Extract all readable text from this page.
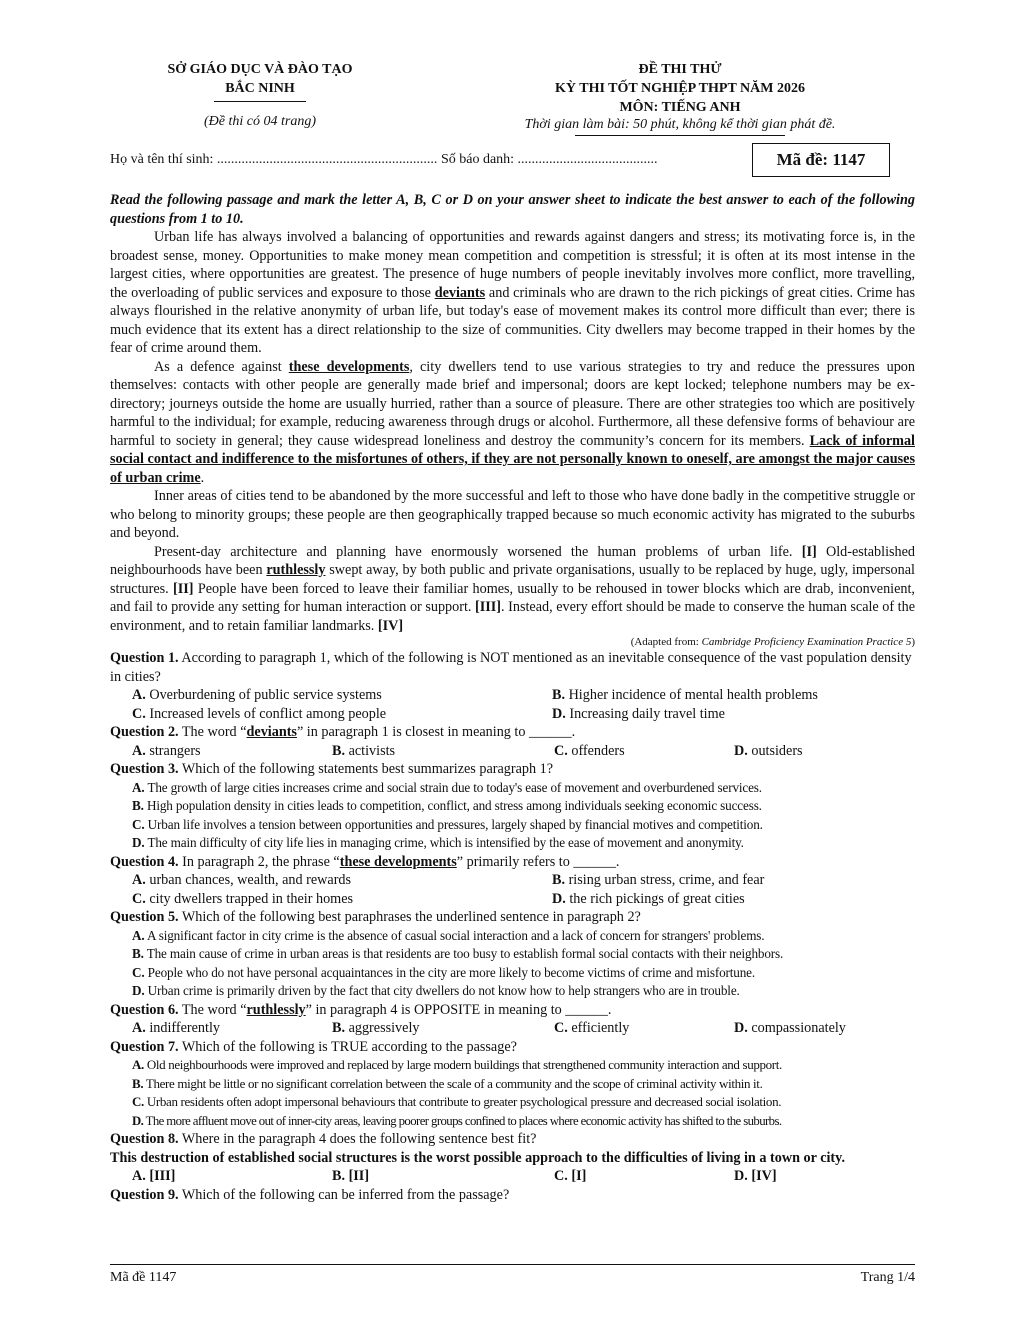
SỞ GIÁO DỤC VÀ ĐÀO TẠO
BẮC NINH
(Đề thi có 04 trang)
ĐỀ THI THỬ
KỲ THI TỐT NGHIỆP THPT NĂM 2026
MÔN: TIẾNG ANH
Thời gian làm bài: 50 phút, không kể thời gian phát đề.
Họ và tên thí sinh: ............................................................... Số báo danh: ........................................	Mã đề: 1147

Read the following passage and mark the letter A, B, C or D on your answer sheet to indicate the best answer to each of the following questions from 1 to 10.

Urban life has always involved a balancing of opportunities and rewards against dangers and stress; its motivating force is, in the broadest sense, money. Opportunities to make money mean competition and competition is stressful; it is often at its most intense in the largest cities, where opportunities are greatest. The presence of huge numbers of people inevitably involves more conflict, more travelling, the overloading of public services and exposure to those deviants and criminals who are drawn to the rich pickings of great cities. Crime has always flourished in the relative anonymity of urban life, but today's ease of movement makes its control more difficult than ever; there is much evidence that its extent has a direct relationship to the size of communities. City dwellers may become trapped in their homes by the fear of crime around them.

As a defence against these developments, city dwellers tend to use various strategies to try and reduce the pressures upon themselves: contacts with other people are generally made brief and impersonal; doors are kept locked; telephone numbers may be ex-directory; journeys outside the home are usually hurried, rather than a source of pleasure. There are other strategies too which are positively harmful to the individual; for example, reducing awareness through drugs or alcohol. Furthermore, all these defensive forms of behaviour are harmful to society in general; they cause widespread loneliness and destroy the community’s concern for its members. Lack of informal social contact and indifference to the misfortunes of others, if they are not personally known to oneself, are amongst the major causes of urban crime.

Inner areas of cities tend to be abandoned by the more successful and left to those who have done badly in the competitive struggle or who belong to minority groups; these people are then geographically trapped because so much economic activity has migrated to the suburbs and beyond.

Present-day architecture and planning have enormously worsened the human problems of urban life. [I] Old-established neighbourhoods have been ruthlessly swept away, by both public and private organisations, usually to be replaced by huge, ugly, impersonal structures. [II] People have been forced to leave their familiar homes, usually to be rehoused in tower blocks which are drab, inconvenient, and fail to provide any setting for human interaction or support. [III]. Instead, every effort should be made to conserve the human scale of the environment, and to retain familiar landmarks. [IV]

(Adapted from: Cambridge Proficiency Examination Practice 5)

Question 1. According to paragraph 1, which of the following is NOT mentioned as an inevitable consequence of the vast population density in cities?

A. Overburdening of public service systems	B. Higher incidence of mental health problems
C. Increased levels of conflict among people	D. Increasing daily travel time

Question 2. The word “deviants” in paragraph 1 is closest in meaning to ______.

A. strangers	B. activists	C. offenders	D. outsiders

Question 3. Which of the following statements best summarizes paragraph 1?

A. The growth of large cities increases crime and social strain due to today's ease of movement and overburdened services.

B. High population density in cities leads to competition, conflict, and stress among individuals seeking economic success.

C. Urban life involves a tension between opportunities and pressures, largely shaped by financial motives and competition.

D. The main difficulty of city life lies in managing crime, which is intensified by the ease of movement and anonymity.

Question 4. In paragraph 2, the phrase “these developments” primarily refers to ______.

A. urban chances, wealth, and rewards	B. rising urban stress, crime, and fear
C. city dwellers trapped in their homes	D. the rich pickings of great cities

Question 5. Which of the following best paraphrases the underlined sentence in paragraph 2?

A. A significant factor in city crime is the absence of casual social interaction and a lack of concern for strangers' problems.

B. The main cause of crime in urban areas is that residents are too busy to establish formal social contacts with their neighbors.

C. People who do not have personal acquaintances in the city are more likely to become victims of crime and misfortune.

D. Urban crime is primarily driven by the fact that city dwellers do not know how to help strangers who are in trouble.

Question 6. The word “ruthlessly” in paragraph 4 is OPPOSITE in meaning to ______.

A. indifferently	B. aggressively	C. efficiently	D. compassionately

Question 7. Which of the following is TRUE according to the passage?

A. Old neighbourhoods were improved and replaced by large modern buildings that strengthened community interaction and support.

B. There might be little or no significant correlation between the scale of a community and the scope of criminal activity within it.

C. Urban residents often adopt impersonal behaviours that contribute to greater psychological pressure and decreased social isolation.

D. The more affluent move out of inner-city areas, leaving poorer groups confined to places where economic activity has shifted to the suburbs.

Question 8. Where in the paragraph 4 does the following sentence best fit?

This destruction of established social structures is the worst possible approach to the difficulties of living in a town or city.

A. [III]	B. [II]	C. [I]	D. [IV]

Question 9. Which of the following can be inferred from the passage?

Mã đề 1147	Trang 1/4
